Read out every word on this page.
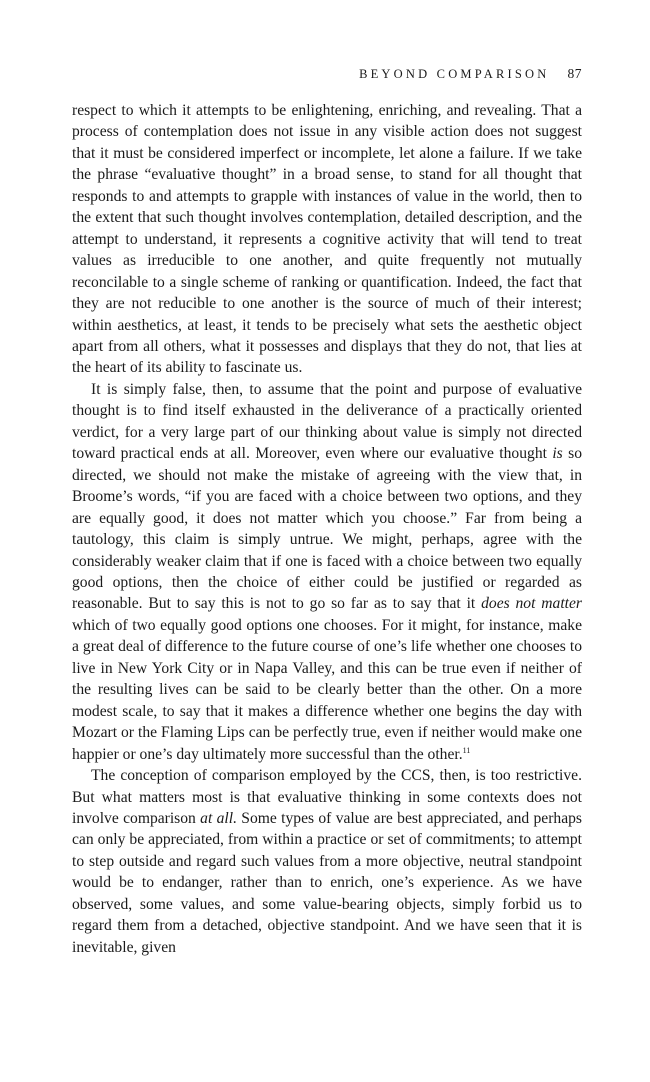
BEYOND COMPARISON 87

respect to which it attempts to be enlightening, enriching, and revealing. That a process of contemplation does not issue in any visible action does not suggest that it must be considered imperfect or incomplete, let alone a failure. If we take the phrase “evaluative thought” in a broad sense, to stand for all thought that responds to and attempts to grapple with instances of value in the world, then to the extent that such thought involves contemplation, detailed description, and the attempt to understand, it represents a cognitive activity that will tend to treat values as irreducible to one another, and quite frequently not mutually reconcilable to a single scheme of ranking or quantification. Indeed, the fact that they are not reducible to one another is the source of much of their interest; within aesthetics, at least, it tends to be precisely what sets the aesthetic object apart from all others, what it possesses and displays that they do not, that lies at the heart of its ability to fascinate us.

It is simply false, then, to assume that the point and purpose of evaluative thought is to find itself exhausted in the deliverance of a practically oriented verdict, for a very large part of our thinking about value is simply not directed toward practical ends at all. Moreover, even where our evaluative thought is so directed, we should not make the mistake of agreeing with the view that, in Broome’s words, “if you are faced with a choice between two options, and they are equally good, it does not matter which you choose.” Far from being a tautology, this claim is simply untrue. We might, perhaps, agree with the considerably weaker claim that if one is faced with a choice between two equally good options, then the choice of either could be justified or regarded as reasonable. But to say this is not to go so far as to say that it does not matter which of two equally good options one chooses. For it might, for instance, make a great deal of difference to the future course of one’s life whether one chooses to live in New York City or in Napa Valley, and this can be true even if neither of the resulting lives can be said to be clearly better than the other. On a more modest scale, to say that it makes a difference whether one begins the day with Mozart or the Flaming Lips can be perfectly true, even if neither would make one happier or one’s day ultimately more successful than the other.$^{11}$

The conception of comparison employed by the CCS, then, is too restrictive. But what matters most is that evaluative thinking in some contexts does not involve comparison at all. Some types of value are best appreciated, and perhaps can only be appreciated, from within a practice or set of commitments; to attempt to step outside and regard such values from a more objective, neutral standpoint would be to endanger, rather than to enrich, one’s experience. As we have observed, some values, and some value-bearing objects, simply forbid us to regard them from a detached, objective standpoint. And we have seen that it is inevitable, given
